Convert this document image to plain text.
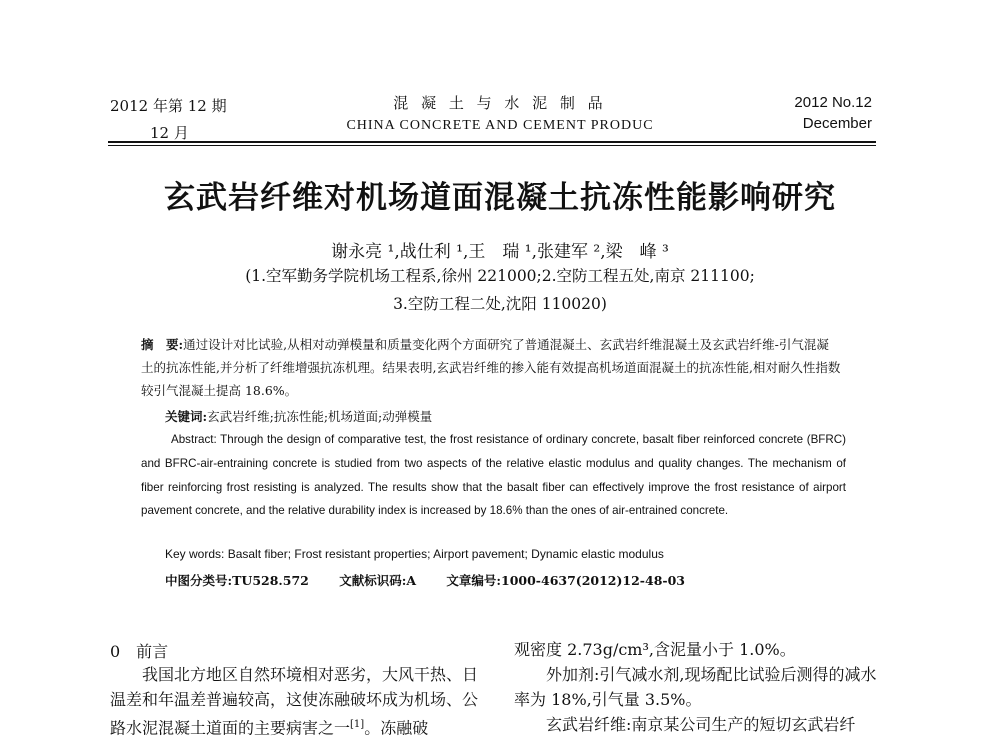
2012 年第 12 期
12 月
混 凝 土 与 水 泥 制 品
CHINA CONCRETE AND CEMENT PRODUC
2012 No.12
December
玄武岩纤维对机场道面混凝土抗冻性能影响研究
谢永亮 ¹,战仕利 ¹,王　瑞 ¹,张建军 ²,梁　峰 ³
(1.空军勤务学院机场工程系,徐州 221000;2.空防工程五处,南京 211100;
3.空防工程二处,沈阳 110020)
摘　要:通过设计对比试验,从相对动弹模量和质量变化两个方面研究了普通混凝土、玄武岩纤维混凝土及玄武岩纤维-引气混凝土的抗冻性能,并分析了纤维增强抗冻机理。结果表明,玄武岩纤维的掺入能有效提高机场道面混凝土的抗冻性能,相对耐久性指数较引气混凝土提高 18.6%。
关键词:玄武岩纤维;抗冻性能;机场道面;动弹模量
Abstract: Through the design of comparative test, the frost resistance of ordinary concrete, basalt fiber reinforced concrete (BFRC) and BFRC-air-entraining concrete is studied from two aspects of the relative elastic modulus and quality changes. The mechanism of fiber reinforcing frost resisting is analyzed. The results show that the basalt fiber can effectively improve the frost resistance of airport pavement concrete, and the relative durability index is increased by 18.6% than the ones of air-entrained concrete.
Key words: Basalt fiber; Frost resistant properties; Airport pavement; Dynamic elastic modulus
中图分类号:TU528.572 文献标识码:A 文章编号:1000-4637(2012)12-48-03
0　前言

我国北方地区自然环境相对恶劣，大风干热、日温差和年温差普遍较高，这使冻融破坏成为机场、公路水泥混凝土道面的主要病害之一[1]。冻融破

观密度 2.73g/cm³,含泥量小于 1.0%。

外加剂:引气减水剂,现场配比试验后测得的减水率为 18%,引气量 3.5%。

玄武岩纤维:南京某公司生产的短切玄武岩纤
